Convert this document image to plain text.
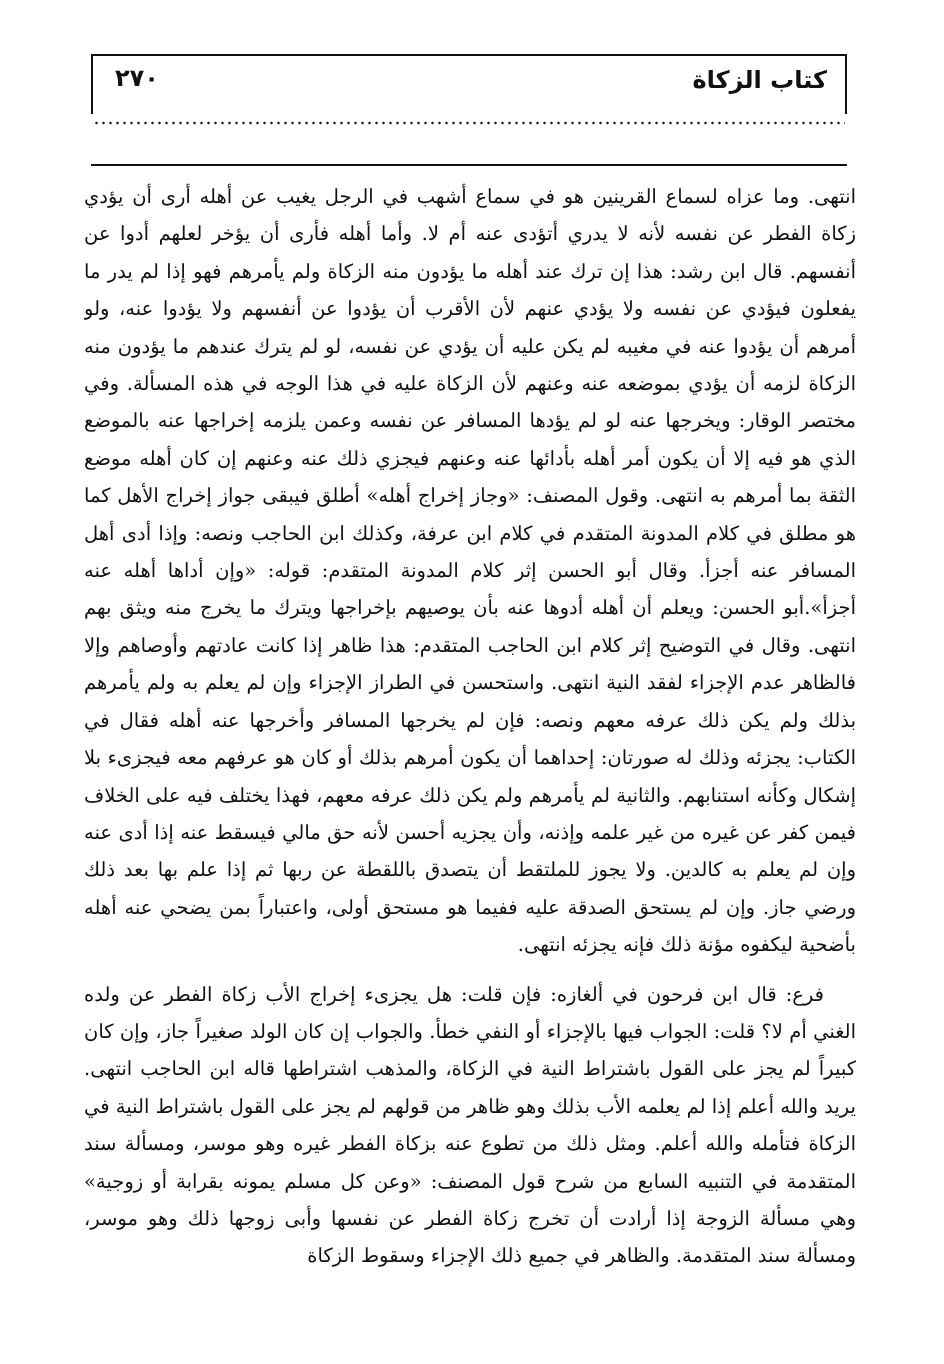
كتاب الزكاة
٢٧٠

انتهى. وما عزاه لسماع القرينين هو في سماع أشهب في الرجل يغيب عن أهله أرى أن يؤدي زكاة الفطر عن نفسه لأنه لا يدري أتؤدى عنه أم لا. وأما أهله فأرى أن يؤخر لعلهم أدوا عن أنفسهم. قال ابن رشد: هذا إن ترك عند أهله ما يؤدون منه الزكاة ولم يأمرهم فهو إذا لم يدر ما يفعلون فيؤدي عن نفسه ولا يؤدي عنهم لأن الأقرب أن يؤدوا عن أنفسهم ولا يؤدوا عنه، ولو أمرهم أن يؤدوا عنه في مغيبه لم يكن عليه أن يؤدي عن نفسه، لو لم يترك عندهم ما يؤدون منه الزكاة لزمه أن يؤدي بموضعه عنه وعنهم لأن الزكاة عليه في هذا الوجه في هذه المسألة. وفي مختصر الوقار: ويخرجها عنه لو لم يؤدها المسافر عن نفسه وعمن يلزمه إخراجها عنه بالموضع الذي هو فيه إلا أن يكون أمر أهله بأدائها عنه وعنهم فيجزي ذلك عنه وعنهم إن كان أهله موضع الثقة بما أمرهم به انتهى. وقول المصنف: «وجاز إخراج أهله» أطلق فيبقى جواز إخراج الأهل كما هو مطلق في كلام المدونة المتقدم في كلام ابن عرفة، وكذلك ابن الحاجب ونصه: وإذا أدى أهل المسافر عنه أجزأ. وقال أبو الحسن إثر كلام المدونة المتقدم: قوله: «وإن أداها أهله عنه أجزأ».أبو الحسن: ويعلم أن أهله أدوها عنه بأن يوصيهم بإخراجها ويترك ما يخرج منه ويثق بهم انتهى. وقال في التوضيح إثر كلام ابن الحاجب المتقدم: هذا ظاهر إذا كانت عادتهم وأوصاهم وإلا فالظاهر عدم الإجزاء لفقد النية انتهى. واستحسن في الطراز الإجزاء وإن لم يعلم به ولم يأمرهم بذلك ولم يكن ذلك عرفه معهم ونصه: فإن لم يخرجها المسافر وأخرجها عنه أهله فقال في الكتاب: يجزئه وذلك له صورتان: إحداهما أن يكون أمرهم بذلك أو كان هو عرفهم معه فيجزىء بلا إشكال وكأنه استنابهم. والثانية لم يأمرهم ولم يكن ذلك عرفه معهم، فهذا يختلف فيه على الخلاف فيمن كفر عن غيره من غير علمه وإذنه، وأن يجزيه أحسن لأنه حق مالي فيسقط عنه إذا أدى عنه وإن لم يعلم به كالدين. ولا يجوز للملتقط أن يتصدق باللقطة عن ربها ثم إذا علم بها بعد ذلك ورضي جاز. وإن لم يستحق الصدقة عليه ففيما هو مستحق أولى، واعتباراً بمن يضحي عنه أهله بأضحية ليكفوه مؤنة ذلك فإنه يجزئه انتهى.

فرع: قال ابن فرحون في ألغازه: فإن قلت: هل يجزىء إخراج الأب زكاة الفطر عن ولده الغني أم لا؟ قلت: الجواب فيها بالإجزاء أو النفي خطأ. والجواب إن كان الولد صغيراً جاز، وإن كان كبيراً لم يجز على القول باشتراط النية في الزكاة، والمذهب اشتراطها قاله ابن الحاجب انتهى. يريد والله أعلم إذا لم يعلمه الأب بذلك وهو ظاهر من قولهم لم يجز على القول باشتراط النية في الزكاة فتأمله والله أعلم. ومثل ذلك من تطوع عنه بزكاة الفطر غيره وهو موسر، ومسألة سند المتقدمة في التنبيه السابع من شرح قول المصنف: «وعن كل مسلم يمونه بقرابة أو زوجية» وهي مسألة الزوجة إذا أرادت أن تخرج زكاة الفطر عن نفسها وأبى زوجها ذلك وهو موسر، ومسألة سند المتقدمة. والظاهر في جميع ذلك الإجزاء وسقوط الزكاة
